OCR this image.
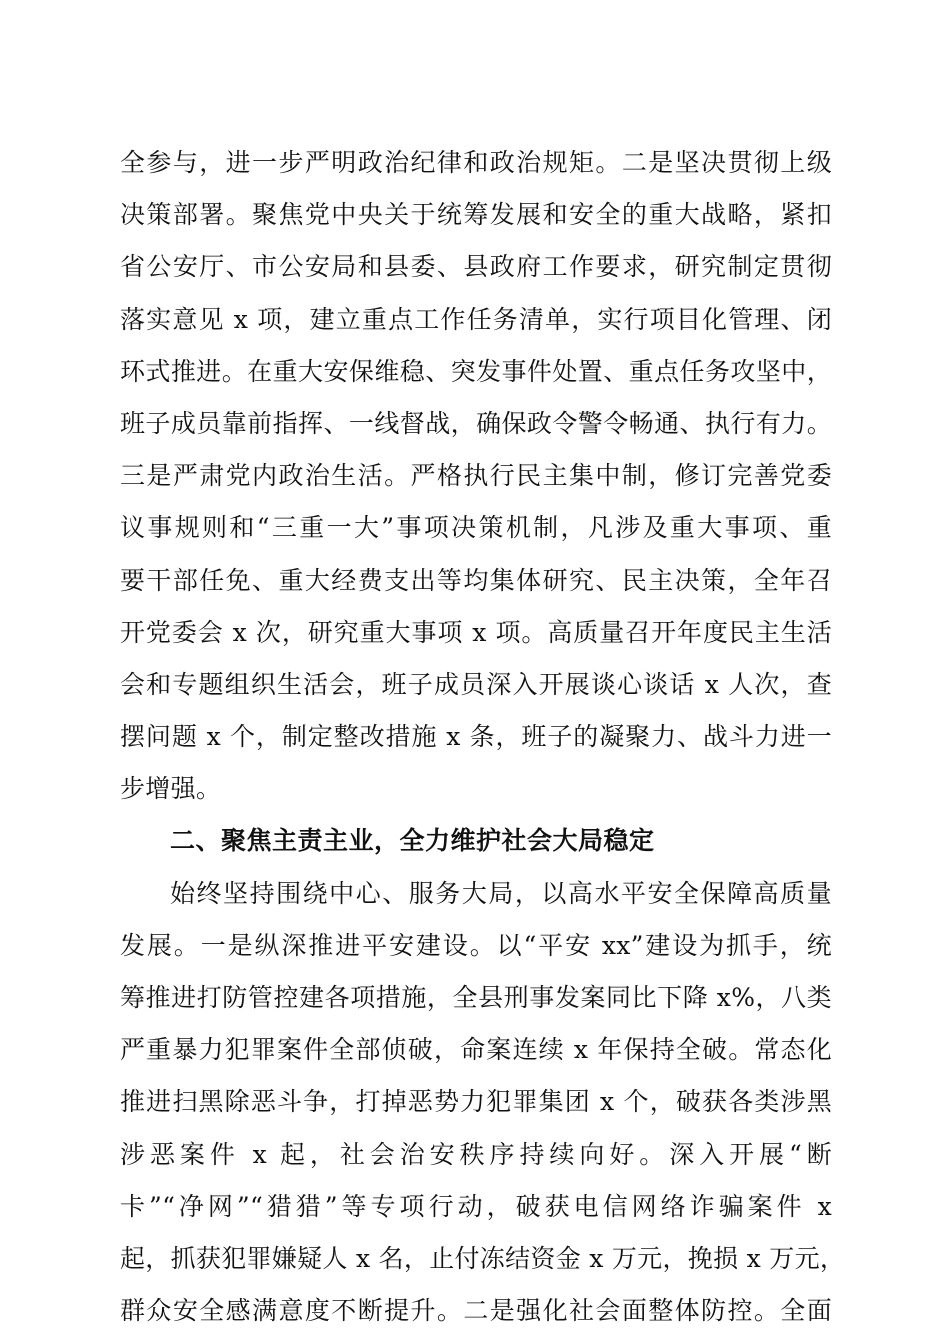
全参与，进一步严明政治纪律和政治规矩。二是坚决贯彻上级
决策部署。聚焦党中央关于统筹发展和安全的重大战略，紧扣
省公安厅、市公安局和县委、县政府工作要求，研究制定贯彻
落实意见 x 项，建立重点工作任务清单，实行项目化管理、闭
环式推进。在重大安保维稳、突发事件处置、重点任务攻坚中，
班子成员靠前指挥、一线督战，确保政令警令畅通、执行有力。
三是严肃党内政治生活。严格执行民主集中制，修订完善党委
议事规则和“三重一大”事项决策机制，凡涉及重大事项、重
要干部任免、重大经费支出等均集体研究、民主决策，全年召
开党委会 x 次，研究重大事项 x 项。高质量召开年度民主生活
会和专题组织生活会，班子成员深入开展谈心谈话 x 人次，查
摆问题 x 个，制定整改措施 x 条，班子的凝聚力、战斗力进一
步增强。
二、聚焦主责主业，全力维护社会大局稳定
始终坚持围绕中心、服务大局，以高水平安全保障高质量
发展。一是纵深推进平安建设。以“平安 xx”建设为抓手，统
筹推进打防管控建各项措施，全县刑事发案同比下降 x%，八类
严重暴力犯罪案件全部侦破，命案连续 x 年保持全破。常态化
推进扫黑除恶斗争，打掉恶势力犯罪集团 x 个，破获各类涉黑
涉恶案件 x 起，社会治安秩序持续向好。深入开展“断
卡”“净网”“猎猎”等专项行动，破获电信网络诈骗案件 x
起，抓获犯罪嫌疑人 x 名，止付冻结资金 x 万元，挽损 x 万元，
群众安全感满意度不断提升。二是强化社会面整体防控。全面
